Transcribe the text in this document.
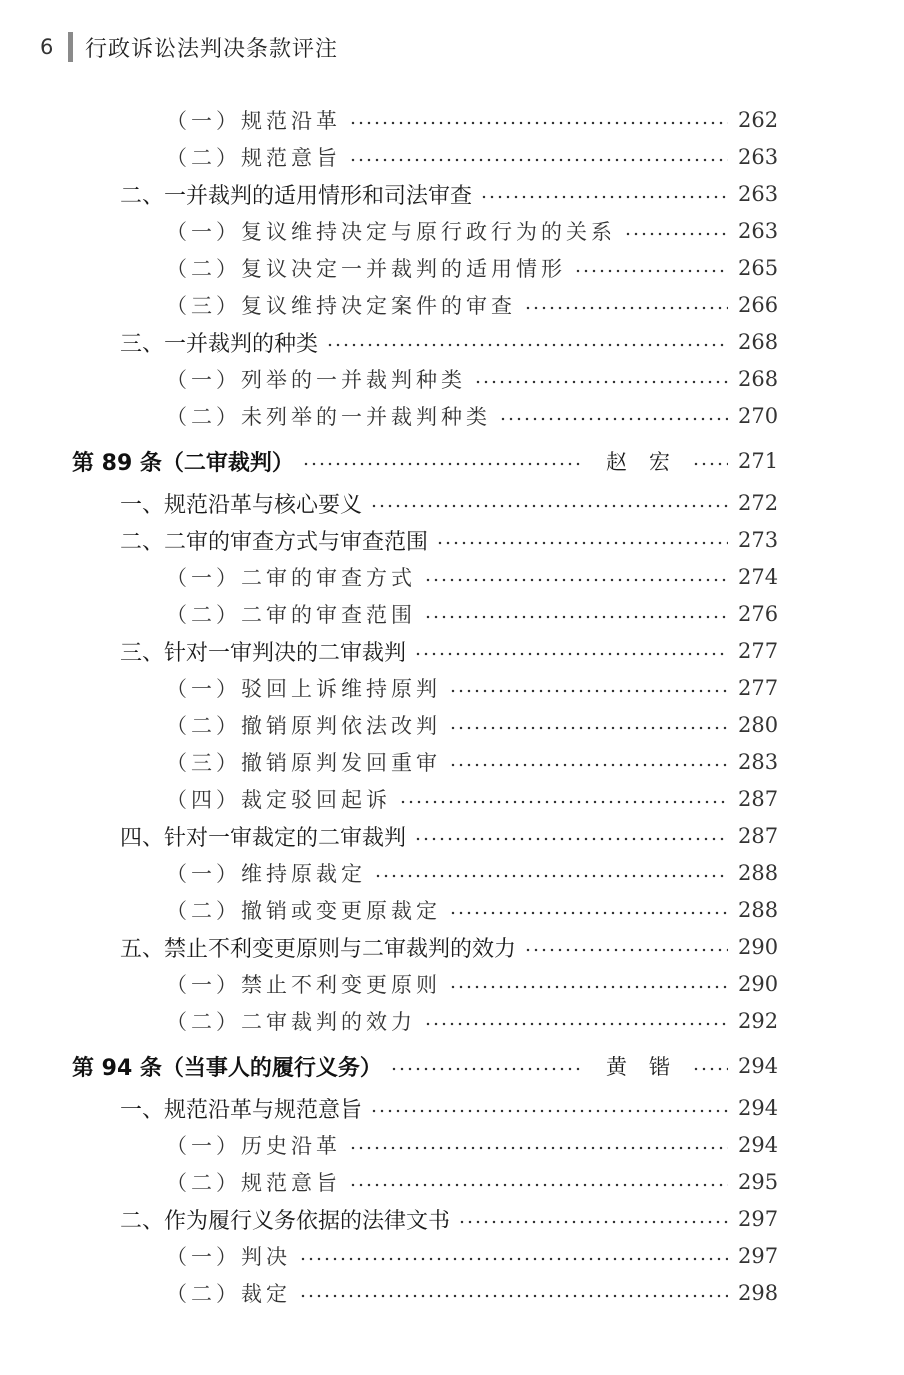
6	行政诉讼法判决条款评注
（一）规范沿革	262
（二）规范意旨	263
二、一并裁判的适用情形和司法审查	263
（一）复议维持决定与原行政行为的关系	263
（二）复议决定一并裁判的适用情形	265
（三）复议维持决定案件的审查	266
三、一并裁判的种类	268
（一）列举的一并裁判种类	268
（二）未列举的一并裁判种类	270
第 89 条（二审裁判）	赵宏 271
一、规范沿革与核心要义	272
二、二审的审查方式与审查范围	273
（一）二审的审查方式	274
（二）二审的审查范围	276
三、针对一审判决的二审裁判	277
（一）驳回上诉维持原判	277
（二）撤销原判依法改判	280
（三）撤销原判发回重审	283
（四）裁定驳回起诉	287
四、针对一审裁定的二审裁判	287
（一）维持原裁定	288
（二）撤销或变更原裁定	288
五、禁止不利变更原则与二审裁判的效力	290
（一）禁止不利变更原则	290
（二）二审裁判的效力	292
第 94 条（当事人的履行义务）	黄锴 294
一、规范沿革与规范意旨	294
（一）历史沿革	294
（二）规范意旨	295
二、作为履行义务依据的法律文书	297
（一）判决	297
（二）裁定	298
